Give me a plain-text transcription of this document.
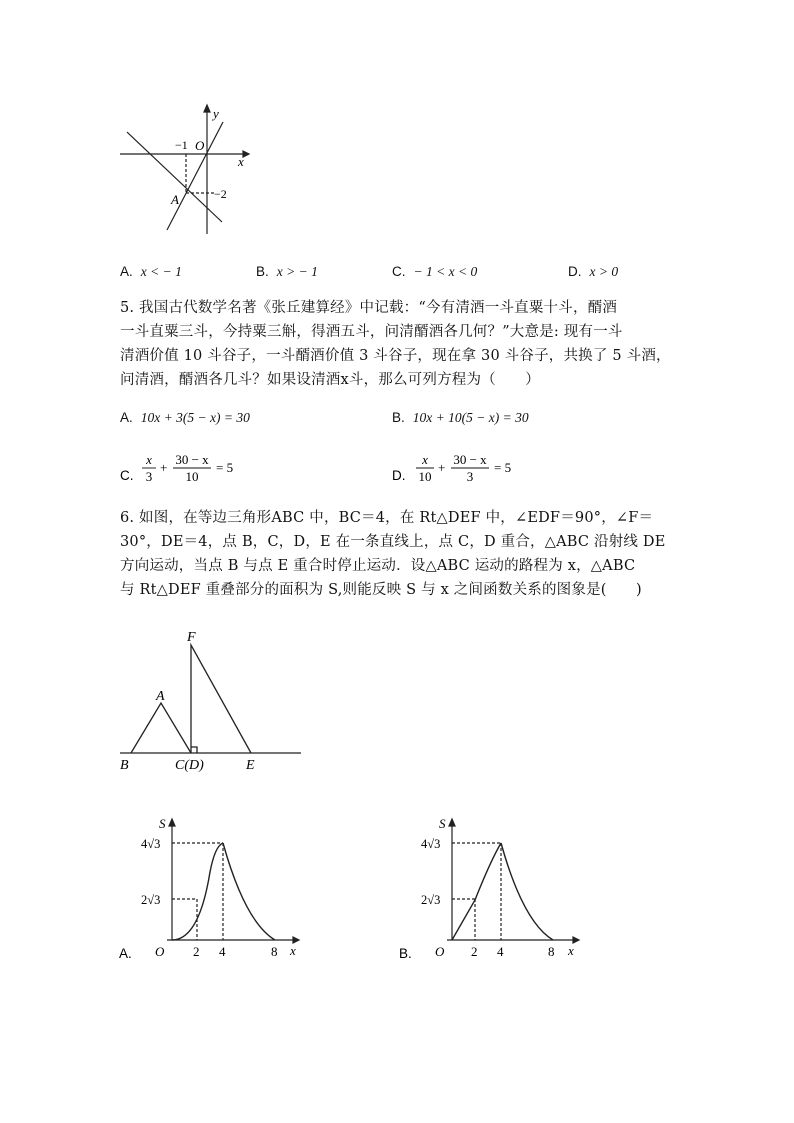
y
x
O
−1
−2
A
A. x < − 1	B. x > − 1	C. − 1 < x < 0	D. x > 0
5. 我国古代数学名著《张丘建算经》中记载：“今有清酒一斗直粟十斗，醑酒
一斗直粟三斗，今持粟三斛，得酒五斗，问清醑酒各几何？”大意是: 现有一斗
清酒价值 10 斗谷子，一斗醑酒价值 3 斗谷子，现在拿 30 斗谷子，共换了 5 斗酒，
问清酒，醑酒各几斗？如果设清酒x斗，那么可列方程为（　　）
A. 10x + 3(5 − x) = 30	B. 10x + 10(5 − x) = 30
C.
x
3
+
30 − x
10
= 5
D.
x
10
+
30 − x
3
= 5
6. 如图，在等边三角形ABC 中，BC＝4，在 Rt△DEF 中，∠EDF＝90°，∠F＝
30°，DE＝4，点 B，C，D，E 在一条直线上，点 C，D 重合，△ABC 沿射线 DE
方向运动，当点 B 与点 E 重合时停止运动．设△ABC 运动的路程为 x，△ABC
与 Rt△DEF 重叠部分的面积为 S,则能反映 S 与 x 之间函数关系的图象是(　　)
F
A
B	C(D)	E
A.
S
4√3
2√3
O 2 4	8 x	B.
S
4√3
2√3
O 2 4	8 x
